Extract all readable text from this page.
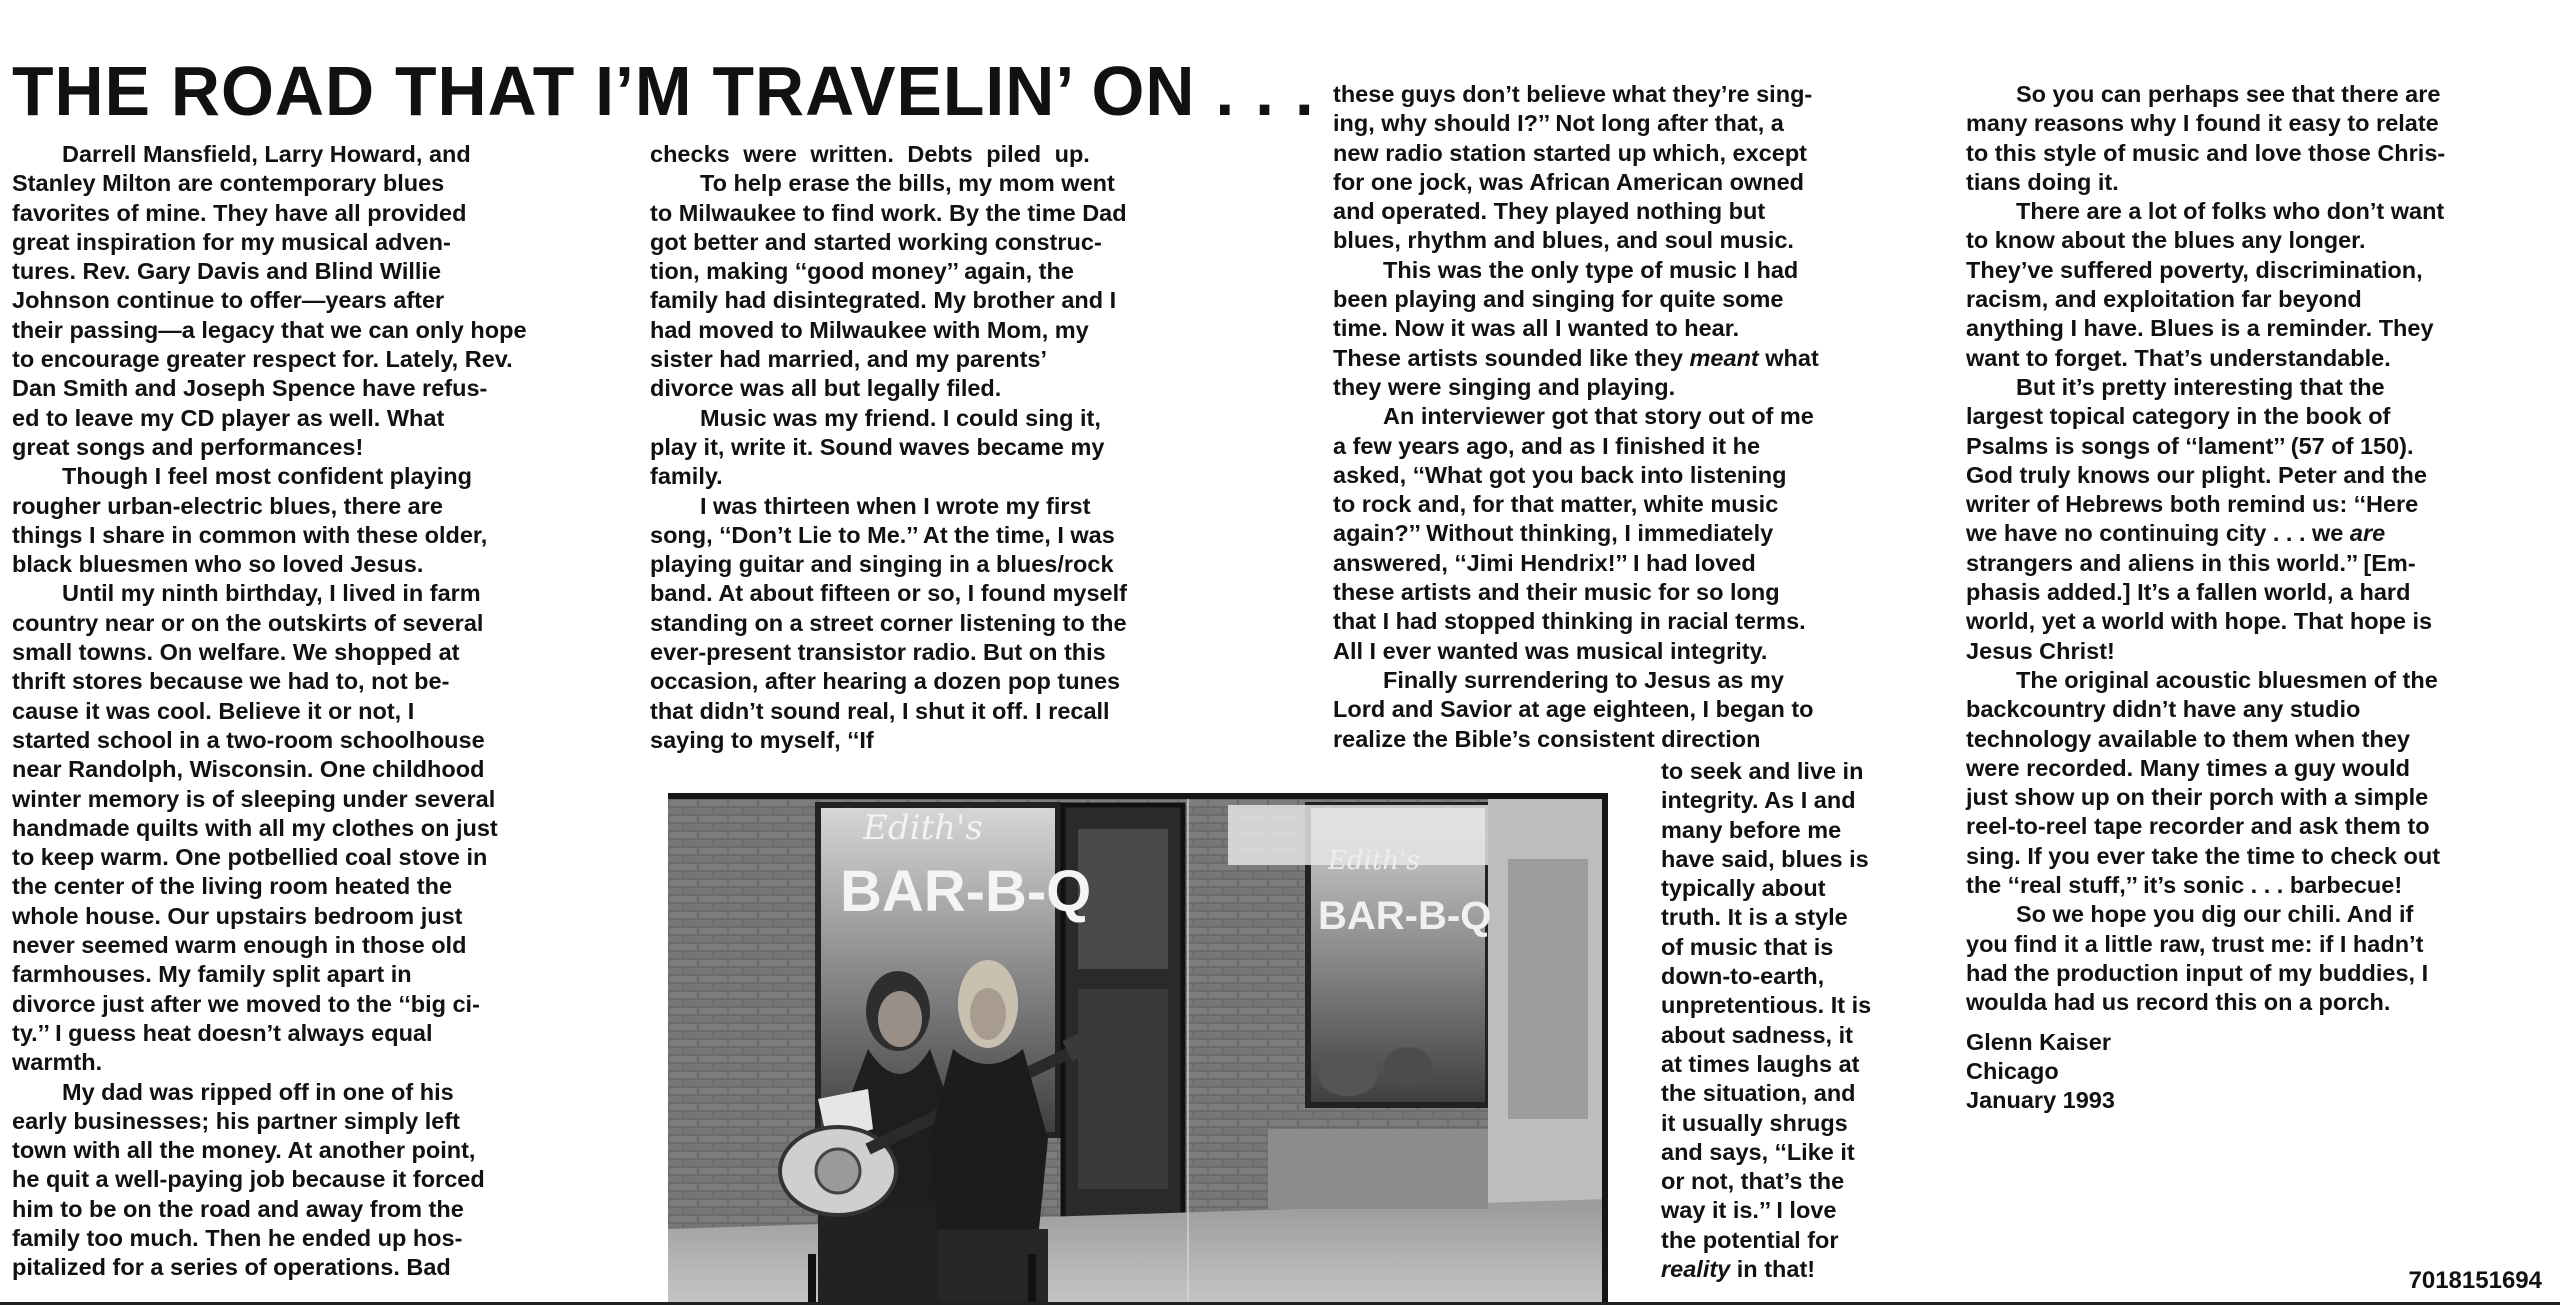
THE ROAD THAT I’M TRAVELIN’ ON . . .

Darrell Mansfield, Larry Howard, and

Stanley Milton are contemporary blues

favorites of mine. They have all provided

great inspiration for my musical adven-

tures. Rev. Gary Davis and Blind Willie

Johnson continue to offer—years after

their passing—a legacy that we can only hope

to encourage greater respect for. Lately, Rev.

Dan Smith and Joseph Spence have refus-

ed to leave my CD player as well. What

great songs and performances!

Though I feel most confident playing

rougher urban-electric blues, there are

things I share in common with these older,

black bluesmen who so loved Jesus.

Until my ninth birthday, I lived in farm

country near or on the outskirts of several

small towns. On welfare. We shopped at

thrift stores because we had to, not be-

cause it was cool. Believe it or not, I

started school in a two-room schoolhouse

near Randolph, Wisconsin. One childhood

winter memory is of sleeping under several

handmade quilts with all my clothes on just

to keep warm. One potbellied coal stove in

the center of the living room heated the

whole house. Our upstairs bedroom just

never seemed warm enough in those old

farmhouses. My family split apart in

divorce just after we moved to the ‘‘big ci-

ty.’’ I guess heat doesn’t always equal

warmth.

My dad was ripped off in one of his

early businesses; his partner simply left

town with all the money. At another point,

he quit a well-paying job because it forced

him to be on the road and away from the

family too much. Then he ended up hos-

pitalized for a series of operations. Bad

checks were written. Debts piled up.

To help erase the bills, my mom went

to Milwaukee to find work. By the time Dad

got better and started working construc-

tion, making ‘‘good money’’ again, the

family had disintegrated. My brother and I

had moved to Milwaukee with Mom, my

sister had married, and my parents’

divorce was all but legally filed.

Music was my friend. I could sing it,

play it, write it. Sound waves became my

family.

I was thirteen when I wrote my first

song, ‘‘Don’t Lie to Me.’’ At the time, I was

playing guitar and singing in a blues/rock

band. At about fifteen or so, I found myself

standing on a street corner listening to the

ever-present transistor radio. But on this

occasion, after hearing a dozen pop tunes

that didn’t sound real, I shut it off. I recall

saying to myself, ‘‘If

these guys don’t believe what they’re sing-

ing, why should I?’’ Not long after that, a

new radio station started up which, except

for one jock, was African American owned

and operated. They played nothing but

blues, rhythm and blues, and soul music.

This was the only type of music I had

been playing and singing for quite some

time. Now it was all I wanted to hear.

These artists sounded like they meant what

they were singing and playing.

An interviewer got that story out of me

a few years ago, and as I finished it he

asked, ‘‘What got you back into listening

to rock and, for that matter, white music

again?’’ Without thinking, I immediately

answered, ‘‘Jimi Hendrix!’’ I had loved

these artists and their music for so long

that I had stopped thinking in racial terms.

All I ever wanted was musical integrity.

Finally surrendering to Jesus as my

Lord and Savior at age eighteen, I began to

realize the Bible’s consistent direction

to seek and live in

integrity. As I and

many before me

have said, blues is

typically about

truth. It is a style

of music that is

down-to-earth,

unpretentious. It is

about sadness, it

at times laughs at

the situation, and

it usually shrugs

and says, ‘‘Like it

or not, that’s the

way it is.’’ I love

the potential for

reality in that!

So you can perhaps see that there are

many reasons why I found it easy to relate

to this style of music and love those Chris-

tians doing it.

There are a lot of folks who don’t want

to know about the blues any longer.

They’ve suffered poverty, discrimination,

racism, and exploitation far beyond

anything I have. Blues is a reminder. They

want to forget. That’s understandable.

But it’s pretty interesting that the

largest topical category in the book of

Psalms is songs of ‘‘lament’’ (57 of 150).

God truly knows our plight. Peter and the

writer of Hebrews both remind us: ‘‘Here

we have no continuing city . . . we are

strangers and aliens in this world.’’ [Em-

phasis added.] It’s a fallen world, a hard

world, yet a world with hope. That hope is

Jesus Christ!

The original acoustic bluesmen of the

backcountry didn’t have any studio

technology available to them when they

were recorded. Many times a guy would

just show up on their porch with a simple

reel-to-reel tape recorder and ask them to

sing. If you ever take the time to check out

the ‘‘real stuff,’’ it’s sonic . . . barbecue!

So we hope you dig our chili. And if

you find it a little raw, trust me: if I hadn’t

had the production input of my buddies, I

woulda had us record this on a porch.

Glenn Kaiser

Chicago

January 1993

Edith's
BAR-B-Q	Edith's
BAR-B-Q
7018151694
